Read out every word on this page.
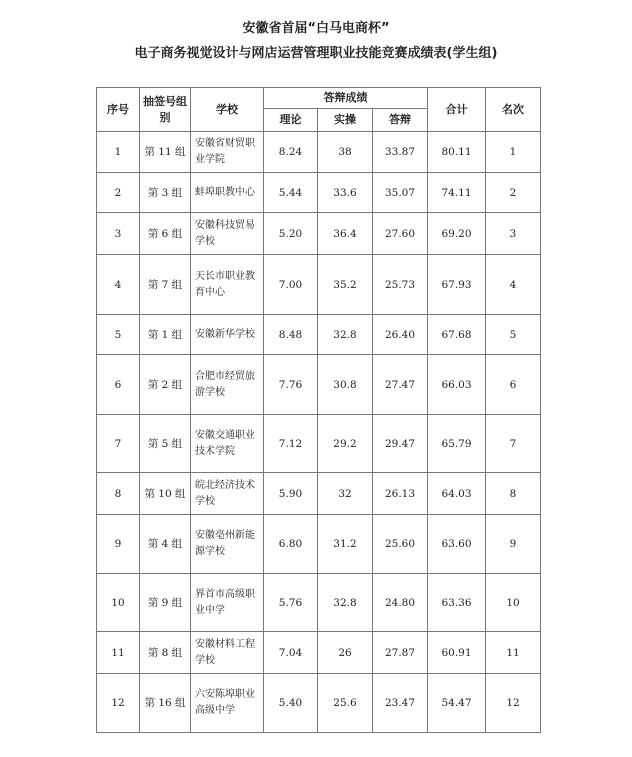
安徽省首届“白马电商杯”
电子商务视觉设计与网店运营管理职业技能竞赛成绩表(学生组)
序号	抽签号组别	学校	答辩成绩			合计	名次
			理论	实操	答辩		
1	第 11 组	安徽省财贸职业学院	8.24	38	33.87	80.11	1
2	第 3 组	蚌埠职教中心	5.44	33.6	35.07	74.11	2
3	第 6 组	安徽科技贸易学校	5.20	36.4	27.60	69.20	3
4	第 7 组	天长市职业教育中心	7.00	35.2	25.73	67.93	4
5	第 1 组	安徽新华学校	8.48	32.8	26.40	67.68	5
6	第 2 组	合肥市经贸旅游学校	7.76	30.8	27.47	66.03	6
7	第 5 组	安徽交通职业技术学院	7.12	29.2	29.47	65.79	7
8	第 10 组	皖北经济技术学校	5.90	32	26.13	64.03	8
9	第 4 组	安徽亳州新能源学校	6.80	31.2	25.60	63.60	9
10	第 9 组	界首市高级职业中学	5.76	32.8	24.80	63.36	10
11	第 8 组	安徽材料工程学校	7.04	26	27.87	60.91	11
12	第 16 组	六安陈埠职业高级中学	5.40	25.6	23.47	54.47	12
